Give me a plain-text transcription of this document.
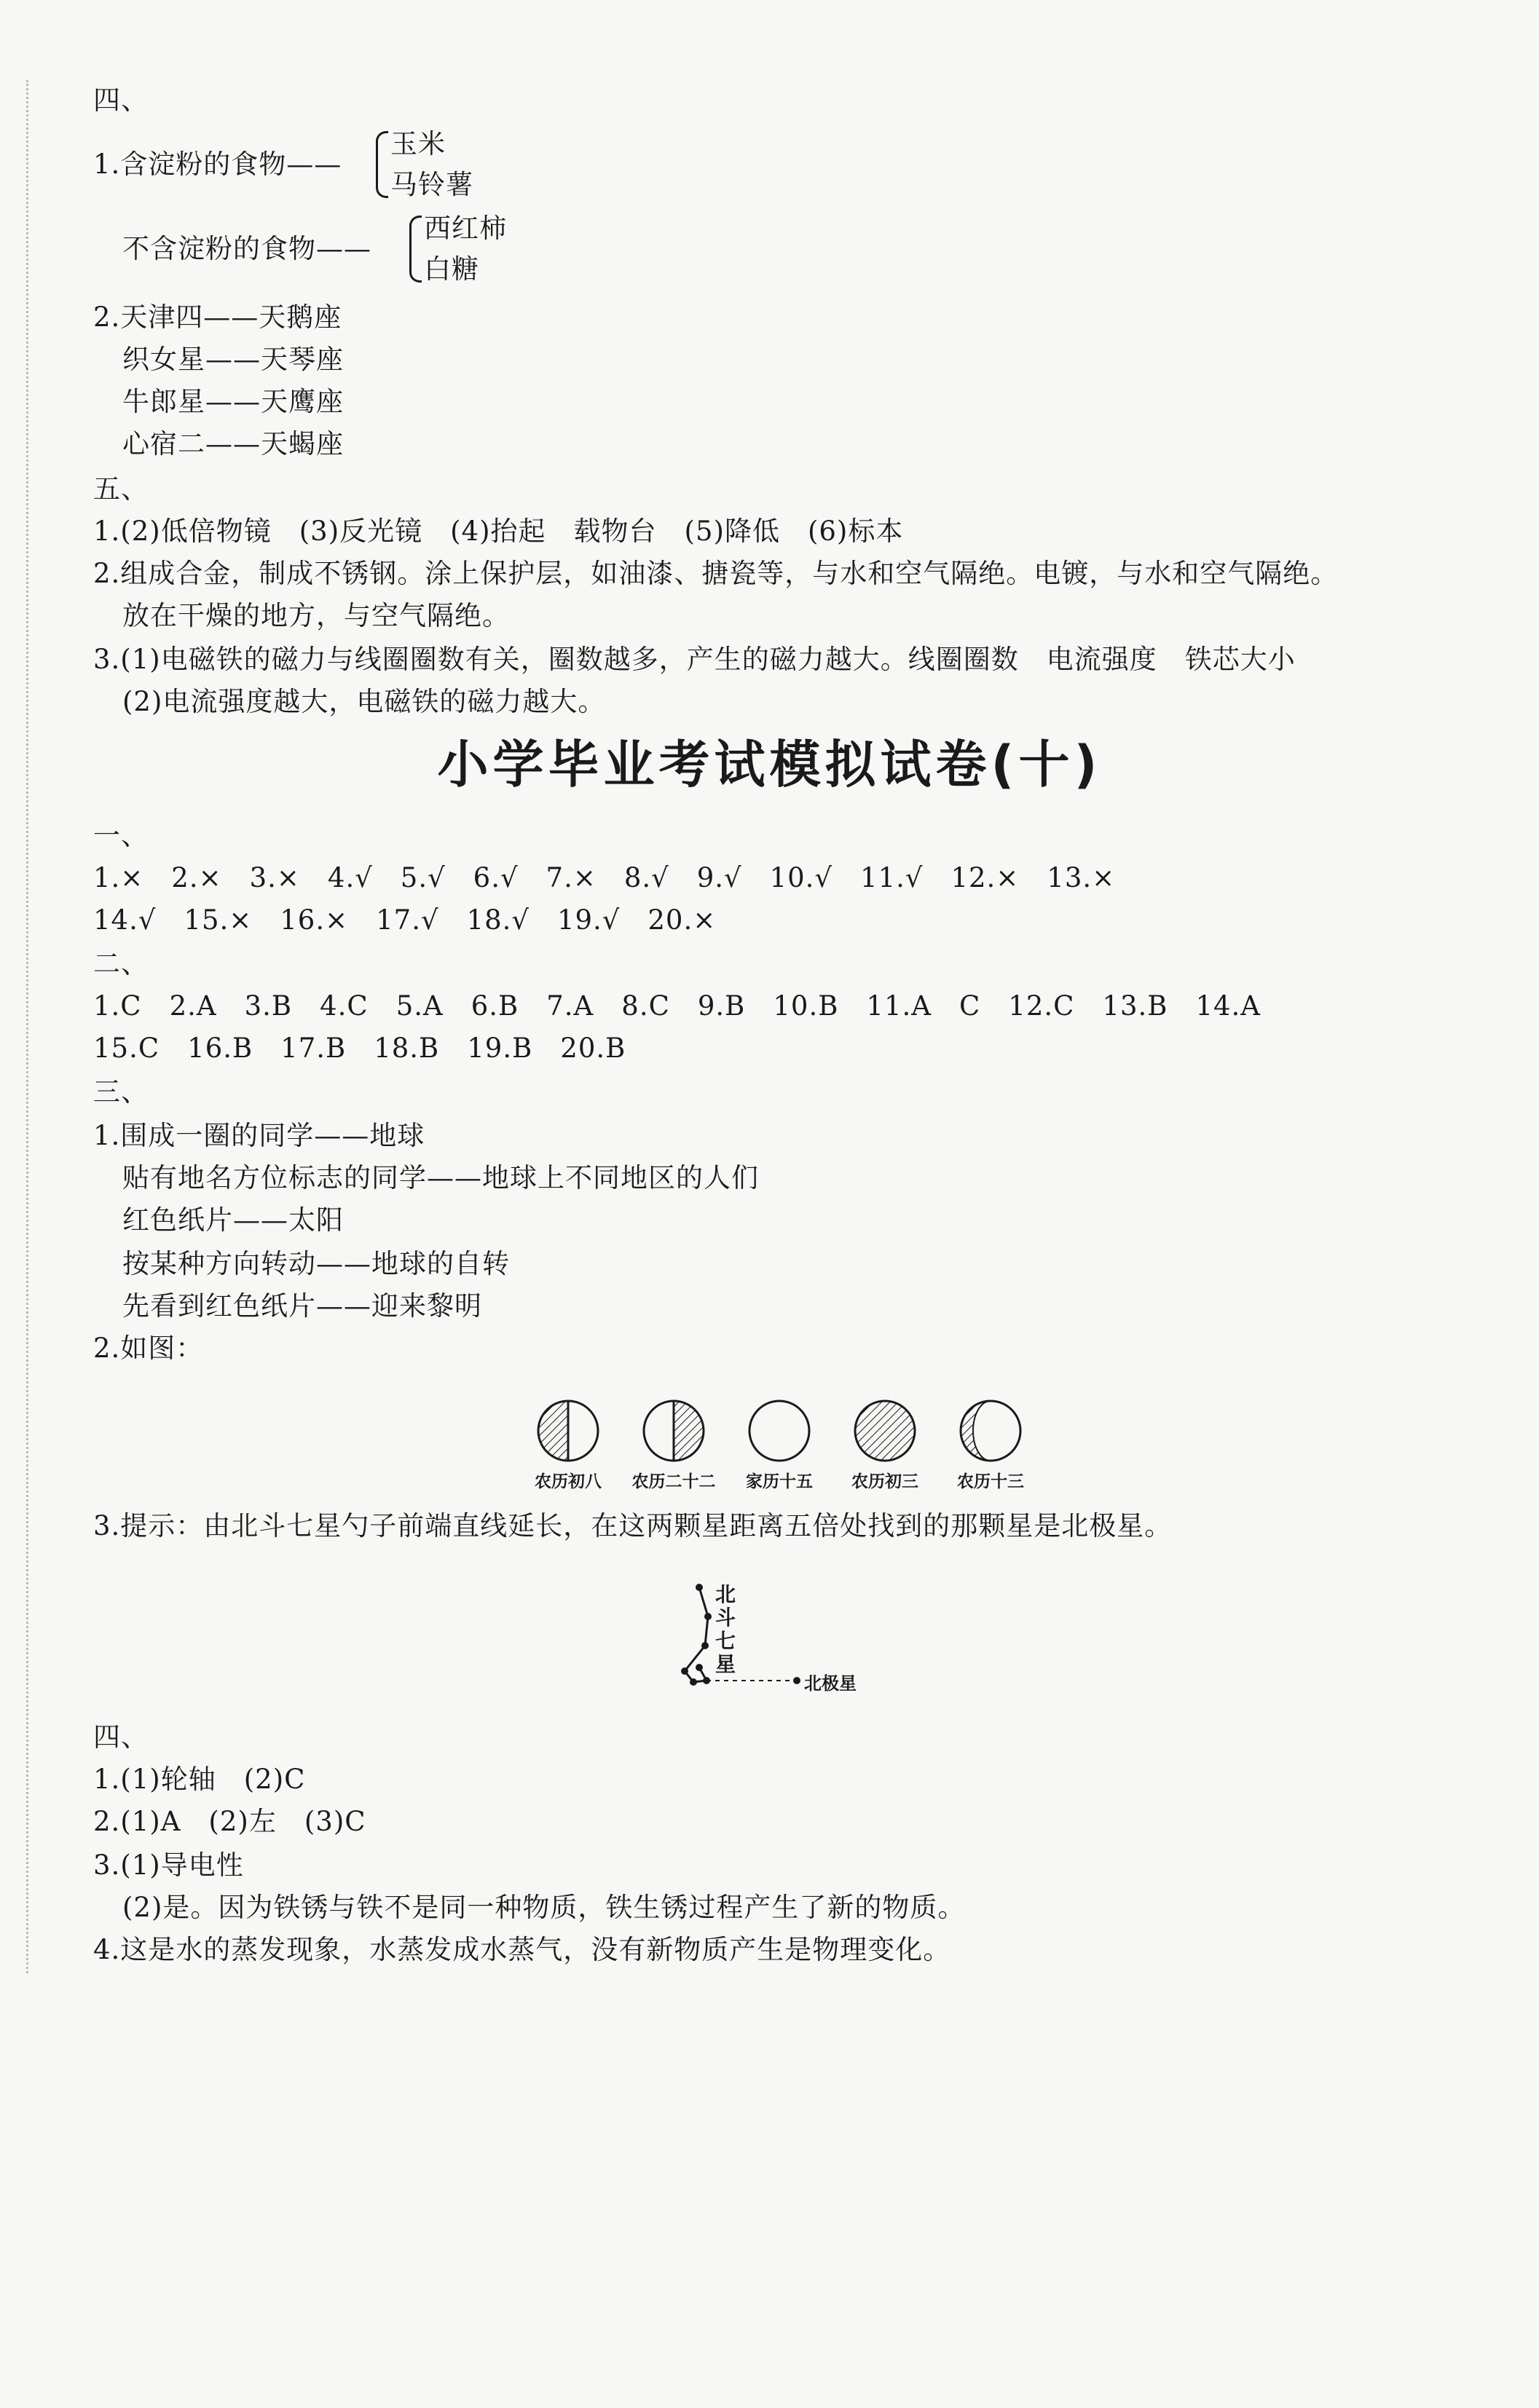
四、
1.含淀粉的食物——
玉米
马铃薯
不含淀粉的食物——
西红柿
白糖
2.天津四——天鹅座
织女星——天琴座
牛郎星——天鹰座
心宿二——天蝎座
五、
1.(2)低倍物镜　(3)反光镜　(4)抬起　载物台　(5)降低　(6)标本
2.组成合金，制成不锈钢。涂上保护层，如油漆、搪瓷等，与水和空气隔绝。电镀，与水和空气隔绝。
放在干燥的地方，与空气隔绝。
3.(1)电磁铁的磁力与线圈圈数有关，圈数越多，产生的磁力越大。线圈圈数　电流强度　铁芯大小
(2)电流强度越大，电磁铁的磁力越大。
小学毕业考试模拟试卷(十)
一、
1.×　2.×　3.×　4.√　5.√　6.√　7.×　8.√　9.√　10.√　11.√　12.×　13.×
14.√　15.×　16.×　17.√　18.√　19.√　20.×
二、
1.C　2.A　3.B　4.C　5.A　6.B　7.A　8.C　9.B　10.B　11.A　C　12.C　13.B　14.A
15.C　16.B　17.B　18.B　19.B　20.B
三、
1.围成一圈的同学——地球
贴有地名方位标志的同学——地球上不同地区的人们
红色纸片——太阳
按某种方向转动——地球的自转
先看到红色纸片——迎来黎明
2.如图：
农历初八	农历二十二	家历十五	农历初三	农历十三
3.提示：由北斗七星勺子前端直线延长，在这两颗星距离五倍处找到的那颗星是北极星。
北斗七星
北极星
四、
1.(1)轮轴　(2)C
2.(1)A　(2)左　(3)C
3.(1)导电性
(2)是。因为铁锈与铁不是同一种物质，铁生锈过程产生了新的物质。
4.这是水的蒸发现象，水蒸发成水蒸气，没有新物质产生是物理变化。
